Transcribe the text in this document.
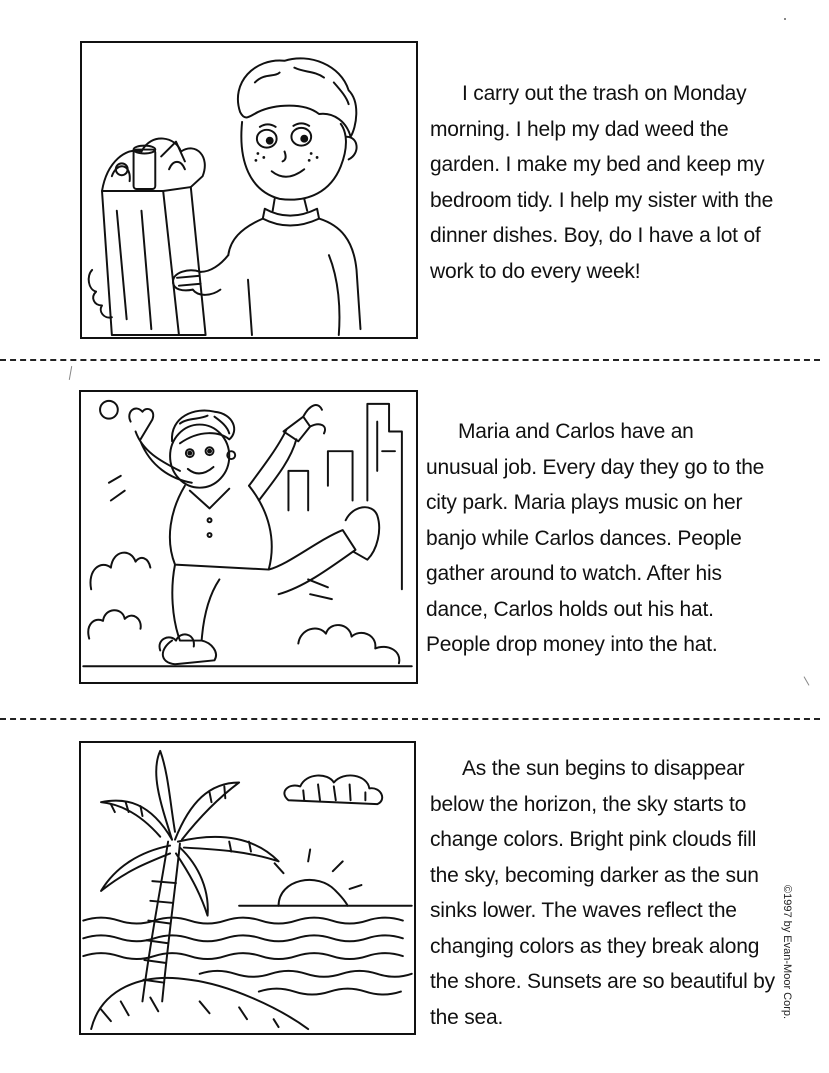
I carry out the trash on Monday morning. I help my dad weed the garden. I make my bed and keep my bedroom tidy. I help my sister with the dinner dishes. Boy, do I have a lot of work to do every week!

Maria and Carlos have an unusual job. Every day they go to the city park. Maria plays music on her banjo while Carlos dances. People gather around to watch. After his dance, Carlos holds out his hat. People drop money into the hat.

As the sun begins to disappear below the horizon, the sky starts to change colors. Bright pink clouds fill the sky, becoming darker as the sun sinks lower. The waves reflect the changing colors as they break along the shore. Sunsets are so beautiful by the sea.	©1997 by Evan-Moor Corp.
